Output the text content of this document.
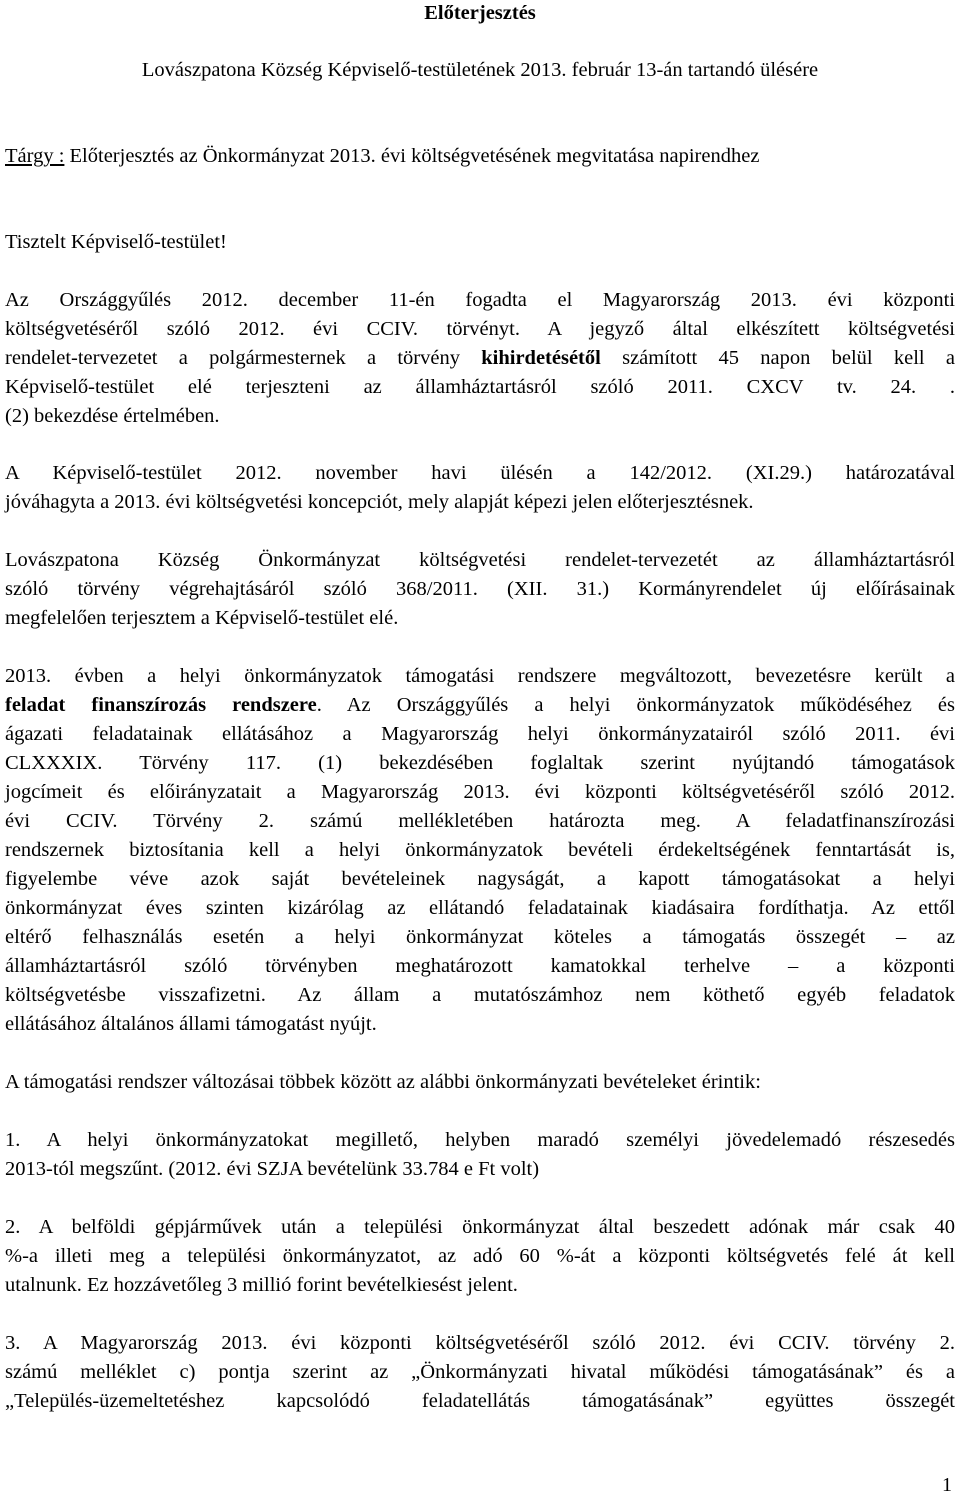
Előterjesztés
Lovászpatona Község Képviselő-testületének 2013. február 13-án tartandó ülésére
Tárgy : Előterjesztés az Önkormányzat 2013. évi költségvetésének megvitatása napirendhez
Tisztelt Képviselő-testület!
Az Országgyűlés 2012. december 11-én fogadta el Magyarország 2013. évi központi
költségvetéséről szóló 2012. évi CCIV. törvényt. A jegyző által elkészített költségvetési
rendelet-tervezetet a polgármesternek a törvény kihirdetésétől számított 45 napon belül kell a
Képviselő-testület elé terjeszteni az államháztartásról szóló 2011. CXCV tv. 24. .
(2) bekezdése értelmében.
A Képviselő-testület 2012. november havi ülésén a 142/2012. (XI.29.) határozatával
jóváhagyta a 2013. évi költségvetési koncepciót, mely alapját képezi jelen előterjesztésnek.
Lovászpatona Község Önkormányzat költségvetési rendelet-tervezetét az államháztartásról
szóló törvény végrehajtásáról szóló 368/2011. (XII. 31.) Kormányrendelet új előírásainak
megfelelően terjesztem a Képviselő-testület elé.
2013. évben a helyi önkormányzatok támogatási rendszere megváltozott, bevezetésre került a
feladat finanszírozás rendszere. Az Országgyűlés a helyi önkormányzatok működéséhez és
ágazati feladatainak ellátásához a Magyarország helyi önkormányzatairól szóló 2011. évi
CLXXXIX. Törvény 117. (1) bekezdésében foglaltak szerint nyújtandó támogatások
jogcímeit és előirányzatait a Magyarország 2013. évi központi költségvetéséről szóló 2012.
évi CCIV. Törvény 2. számú mellékletében határozta meg. A feladatfinanszírozási
rendszernek biztosítania kell a helyi önkormányzatok bevételi érdekeltségének fenntartását is,
figyelembe véve azok saját bevételeinek nagyságát, a kapott támogatásokat a helyi
önkormányzat éves szinten kizárólag az ellátandó feladatainak kiadásaira fordíthatja. Az ettől
eltérő felhasználás esetén a helyi önkormányzat köteles a támogatás összegét – az
államháztartásról szóló törvényben meghatározott kamatokkal terhelve – a központi
költségvetésbe visszafizetni. Az állam a mutatószámhoz nem köthető egyéb feladatok
ellátásához általános állami támogatást nyújt.
A támogatási rendszer változásai többek között az alábbi önkormányzati bevételeket érintik:
1. A helyi önkormányzatokat megillető, helyben maradó személyi jövedelemadó részesedés
2013-tól megszűnt. (2012. évi SZJA bevételünk 33.784 e Ft volt)
2. A belföldi gépjárművek után a települési önkormányzat által beszedett adónak már csak 40
%-a illeti meg a települési önkormányzatot, az adó 60 %-át a központi költségvetés felé át kell
utalnunk. Ez hozzávetőleg 3 millió forint bevételkiesést jelent.
3. A Magyarország 2013. évi központi költségvetéséről szóló 2012. évi CCIV. törvény 2.
számú melléklet c) pontja szerint az „Önkormányzati hivatal működési támogatásának” és a
„Település-üzemeltetéshez kapcsolódó feladatellátás támogatásának” együttes összegét
1
